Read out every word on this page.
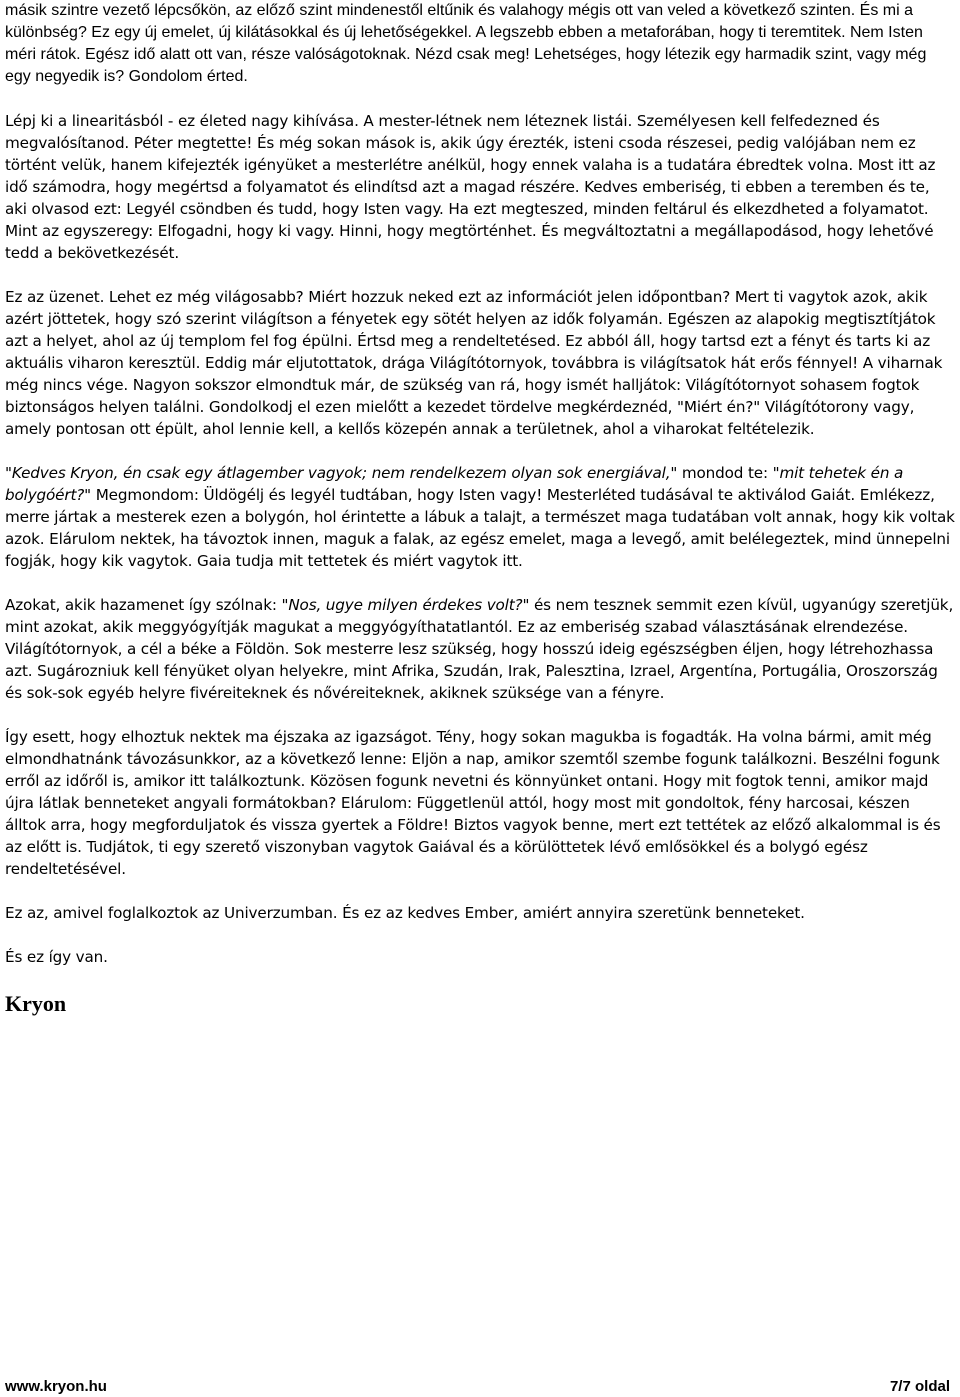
másik szintre vezető lépcsőkön, az előző szint mindenestől eltűnik és valahogy mégis ott van veled a következő szinten. És mi a különbség? Ez egy új emelet, új kilátásokkal és új lehetőségekkel. A legszebb ebben a metaforában, hogy ti teremtitek. Nem Isten méri rátok. Egész idő alatt ott van, része valóságotoknak. Nézd csak meg! Lehetséges, hogy létezik egy harmadik szint, vagy még egy negyedik is? Gondolom érted.

Lépj ki a linearitásból - ez életed nagy kihívása. A mester-létnek nem léteznek listái. Személyesen kell felfedezned és megvalósítanod. Péter megtette! És még sokan mások is, akik úgy érezték, isteni csoda részesei, pedig valójában nem ez történt velük, hanem kifejezték igényüket a mesterlétre anélkül, hogy ennek valaha is a tudatára ébredtek volna. Most itt az idő számodra, hogy megértsd a folyamatot és elindítsd azt a magad részére. Kedves emberiség, ti ebben a teremben és te, aki olvasod ezt: Legyél csöndben és tudd, hogy Isten vagy. Ha ezt megteszed, minden feltárul és elkezdheted a folyamatot. Mint az egyszeregy: Elfogadni, hogy ki vagy. Hinni, hogy megtörténhet. És megváltoztatni a megállapodásod, hogy lehetővé tedd a bekövetkezését.

Ez az üzenet. Lehet ez még világosabb? Miért hozzuk neked ezt az információt jelen időpontban? Mert ti vagytok azok, akik azért jöttetek, hogy szó szerint világítson a fényetek egy sötét helyen az idők folyamán. Egészen az alapokig megtisztítjátok azt a helyet, ahol az új templom fel fog épülni. Értsd meg a rendeltetésed. Ez abból áll, hogy tartsd ezt a fényt és tarts ki az aktuális viharon keresztül. Eddig már eljutottatok, drága Világítótornyok, továbbra is világítsatok hát erős fénnyel! A viharnak még nincs vége. Nagyon sokszor elmondtuk már, de szükség van rá, hogy ismét halljátok: Világítótornyot sohasem fogtok biztonságos helyen találni. Gondolkodj el ezen mielőtt a kezedet tördelve megkérdeznéd, "Miért én?" Világítótorony vagy, amely pontosan ott épült, ahol lennie kell, a kellős közepén annak a területnek, ahol a viharokat feltételezik.

"Kedves Kryon, én csak egy átlagember vagyok; nem rendelkezem olyan sok energiával," mondod te: "mit tehetek én a bolygóért?" Megmondom: Üldögélj és legyél tudtában, hogy Isten vagy! Mesterléted tudásával te aktiválod Gaiát. Emlékezz, merre jártak a mesterek ezen a bolygón, hol érintette a lábuk a talajt, a természet maga tudatában volt annak, hogy kik voltak azok. Elárulom nektek, ha távoztok innen, maguk a falak, az egész emelet, maga a levegő, amit belélegeztek, mind ünnepelni fogják, hogy kik vagytok. Gaia tudja mit tettetek és miért vagytok itt.

Azokat, akik hazamenet így szólnak: "Nos, ugye milyen érdekes volt?" és nem tesznek semmit ezen kívül, ugyanúgy szeretjük, mint azokat, akik meggyógyítják magukat a meggyógyíthatatlantól. Ez az emberiség szabad választásának elrendezése. Világítótornyok, a cél a béke a Földön. Sok mesterre lesz szükség, hogy hosszú ideig egészségben éljen, hogy létrehozhassa azt. Sugározniuk kell fényüket olyan helyekre, mint Afrika, Szudán, Irak, Palesztina, Izrael, Argentína, Portugália, Oroszország és sok-sok egyéb helyre fivéreiteknek és nővéreiteknek, akiknek szüksége van a fényre.

Így esett, hogy elhoztuk nektek ma éjszaka az igazságot. Tény, hogy sokan magukba is fogadták. Ha volna bármi, amit még elmondhatnánk távozásunkkor, az a következő lenne: Eljön a nap, amikor szemtől szembe fogunk találkozni. Beszélni fogunk erről az időről is, amikor itt találkoztunk. Közösen fogunk nevetni és könnyünket ontani. Hogy mit fogtok tenni, amikor majd újra látlak benneteket angyali formátokban? Elárulom: Függetlenül attól, hogy most mit gondoltok, fény harcosai, készen álltok arra, hogy megforduljatok és vissza gyertek a Földre! Biztos vagyok benne, mert ezt tettétek az előző alkalommal is és az előtt is. Tudjátok, ti egy szerető viszonyban vagytok Gaiával és a körülöttetek lévő emlősökkel és a bolygó egész rendeltetésével.

Ez az, amivel foglalkoztok az Univerzumban. És ez az kedves Ember, amiért annyira szeretünk benneteket.

És ez így van.

Kryon

www.kryon.hu	7/7 oldal
